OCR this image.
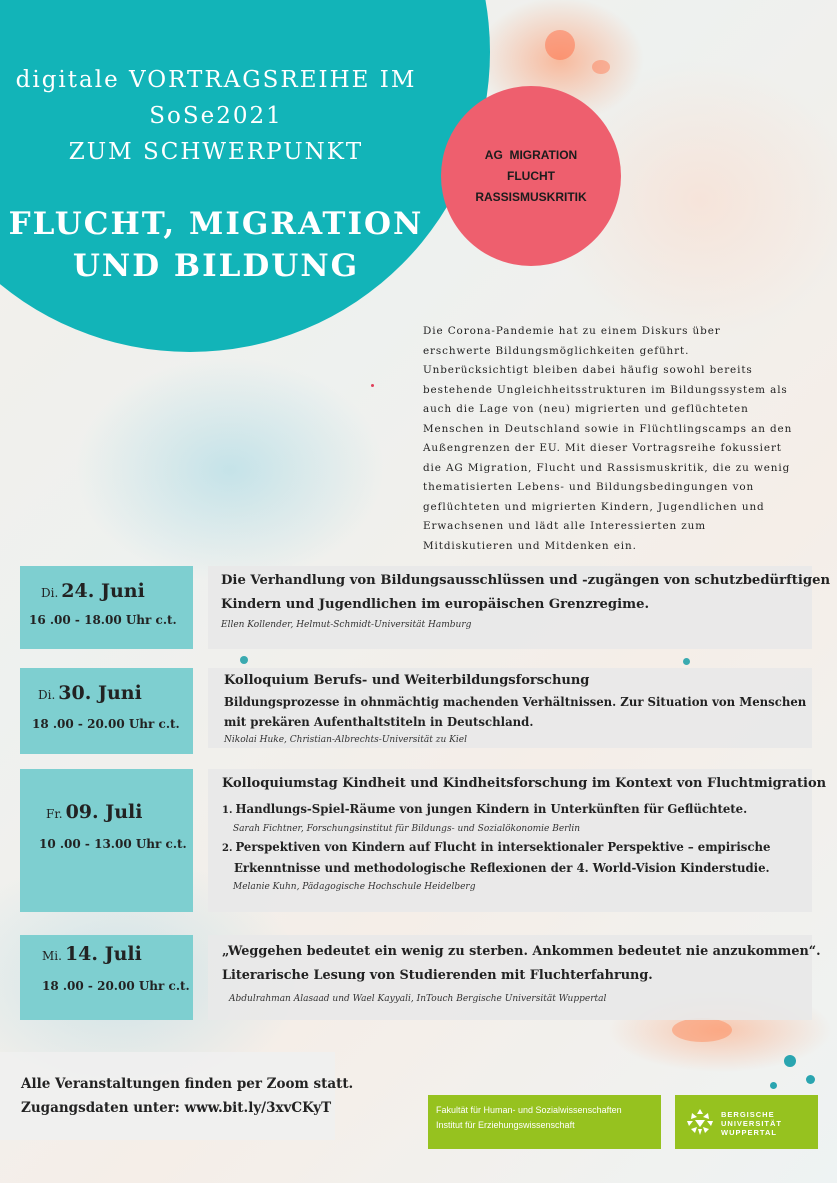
digitale VORTRAGSREIHE IM
SoSe2021
ZUM SCHWERPUNKT
FLUCHT, MIGRATION
UND BILDUNG
AG  MIGRATION
FLUCHT
RASSISMUSKRITIK
Die Corona-Pandemie hat zu einem Diskurs über erschwerte Bildungsmöglichkeiten geführt. Unberücksichtigt bleiben dabei häufig sowohl bereits bestehende Ungleichheitsstrukturen im Bildungssystem als auch die Lage von (neu) migrierten und geflüchteten Menschen in Deutschland sowie in Flüchtlingscamps an den Außengrenzen der EU. Mit dieser Vortragsreihe fokussiert die AG Migration, Flucht und Rassismuskritik, die zu wenig thematisierten Lebens- und Bildungsbedingungen von geflüchteten und migrierten Kindern, Jugendlichen und Erwachsenen und lädt alle Interessierten zum Mitdiskutieren und Mitdenken ein.
Di. 24. Juni
16 .00 - 18.00 Uhr c.t.
Die Verhandlung von Bildungsausschlüssen und -zugängen von schutzbedürftigen
Kindern und Jugendlichen im europäischen Grenzregime.
Ellen Kollender, Helmut-Schmidt-Universität Hamburg
Di. 30. Juni
18 .00 - 20.00 Uhr c.t.
Kolloquium Berufs- und Weiterbildungsforschung
Bildungsprozesse in ohnmächtig machenden Verhältnissen. Zur Situation von Menschen
mit prekären Aufenthaltstiteln in Deutschland.
Nikolai Huke, Christian-Albrechts-Universität zu Kiel
Fr. 09. Juli
10 .00 - 13.00 Uhr c.t.
Kolloquiumstag Kindheit und Kindheitsforschung im Kontext von Fluchtmigration
1. Handlungs-Spiel-Räume von jungen Kindern in Unterkünften für Geflüchtete.
Sarah Fichtner, Forschungsinstitut für Bildungs- und Sozialökonomie Berlin
2. Perspektiven von Kindern auf Flucht in intersektionaler Perspektive – empirische
Erkenntnisse und methodologische Reflexionen der 4. World-Vision Kinderstudie.
Melanie Kuhn, Pädagogische Hochschule Heidelberg
Mi. 14. Juli
18 .00 - 20.00 Uhr c.t.
„Weggehen bedeutet ein wenig zu sterben. Ankommen bedeutet nie anzukommen“.
Literarische Lesung von Studierenden mit Fluchterfahrung.
Abdulrahman Alasaad und Wael Kayyali, InTouch Bergische Universität Wuppertal
Alle Veranstaltungen finden per Zoom statt.
Zugangsdaten unter: www.bit.ly/3xvCKyT	Fakultät für Human- und Sozialwissenschaften
Institut für Erziehungswissenschaft
BERGISCHE
UNIVERSITÄT
WUPPERTAL
